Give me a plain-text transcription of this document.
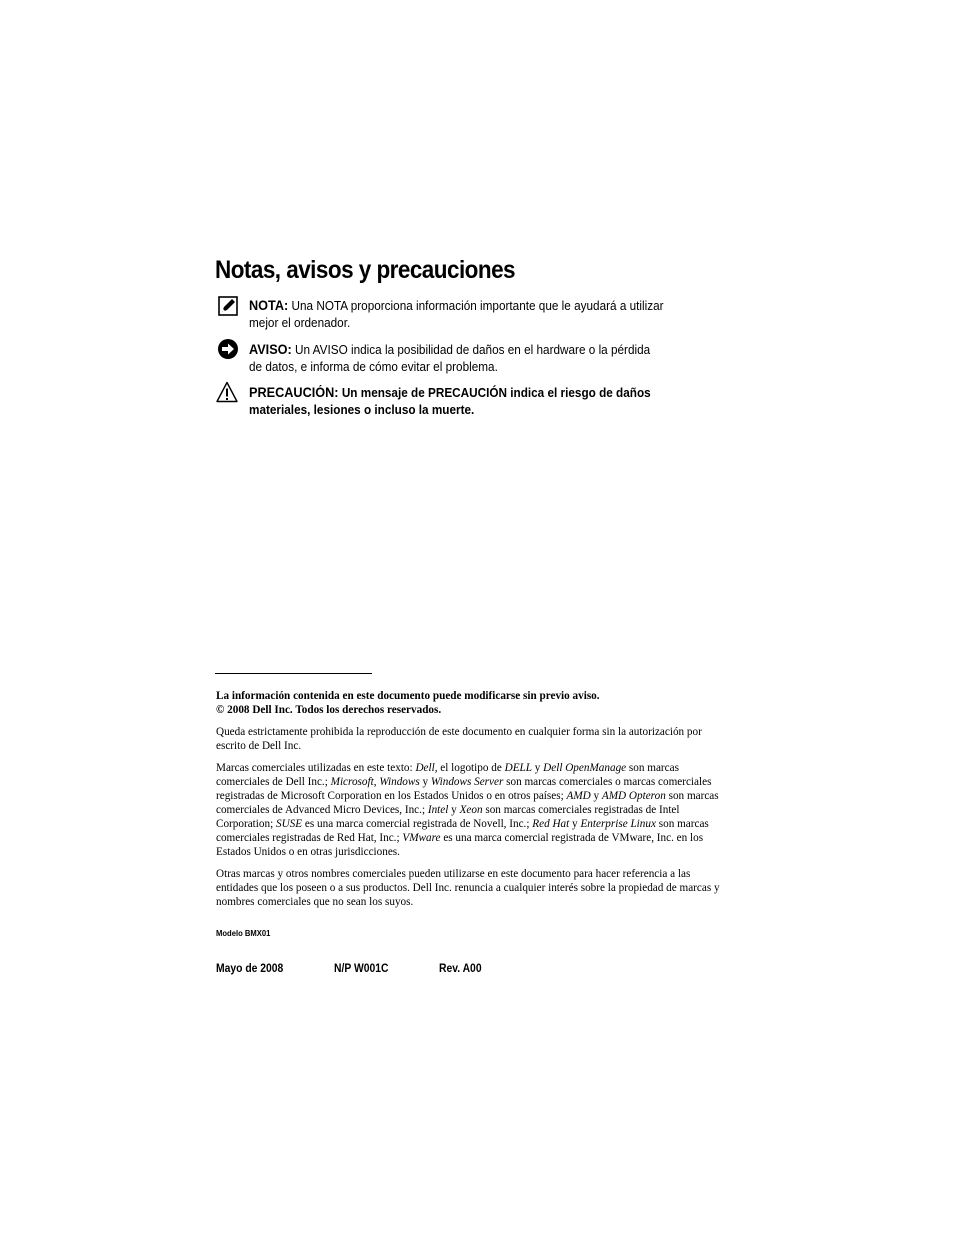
Notas, avisos y precauciones
NOTA: Una NOTA proporciona información importante que le ayudará a utilizar
mejor el ordenador.
AVISO: Un AVISO indica la posibilidad de daños en el hardware o la pérdida
de datos, e informa de cómo evitar el problema.
PRECAUCIÓN: Un mensaje de PRECAUCIÓN indica el riesgo de daños
materiales, lesiones o incluso la muerte.

La información contenida en este documento puede modificarse sin previo aviso.

© 2008 Dell Inc. Todos los derechos reservados.

Queda estrictamente prohibida la reproducción de este documento en cualquier forma sin la autorización por escrito de Dell Inc.

Marcas comerciales utilizadas en este texto: Dell, el logotipo de DELL y Dell OpenManage son marcas comerciales de Dell Inc.; Microsoft, Windows y Windows Server son marcas comerciales o marcas comerciales registradas de Microsoft Corporation en los Estados Unidos o en otros países; AMD y AMD Opteron son marcas comerciales de Advanced Micro Devices, Inc.; Intel y Xeon son marcas comerciales registradas de Intel Corporation; SUSE es una marca comercial registrada de Novell, Inc.; Red Hat y Enterprise Linux son marcas comerciales registradas de Red Hat, Inc.; VMware es una marca comercial registrada de VMware, Inc. en los Estados Unidos o en otras jurisdicciones.

Otras marcas y otros nombres comerciales pueden utilizarse en este documento para hacer referencia a las entidades que los poseen o a sus productos. Dell Inc. renuncia a cualquier interés sobre la propiedad de marcas y nombres comerciales que no sean los suyos.

Modelo BMX01
Mayo de 2008	N/P W001C	Rev. A00
